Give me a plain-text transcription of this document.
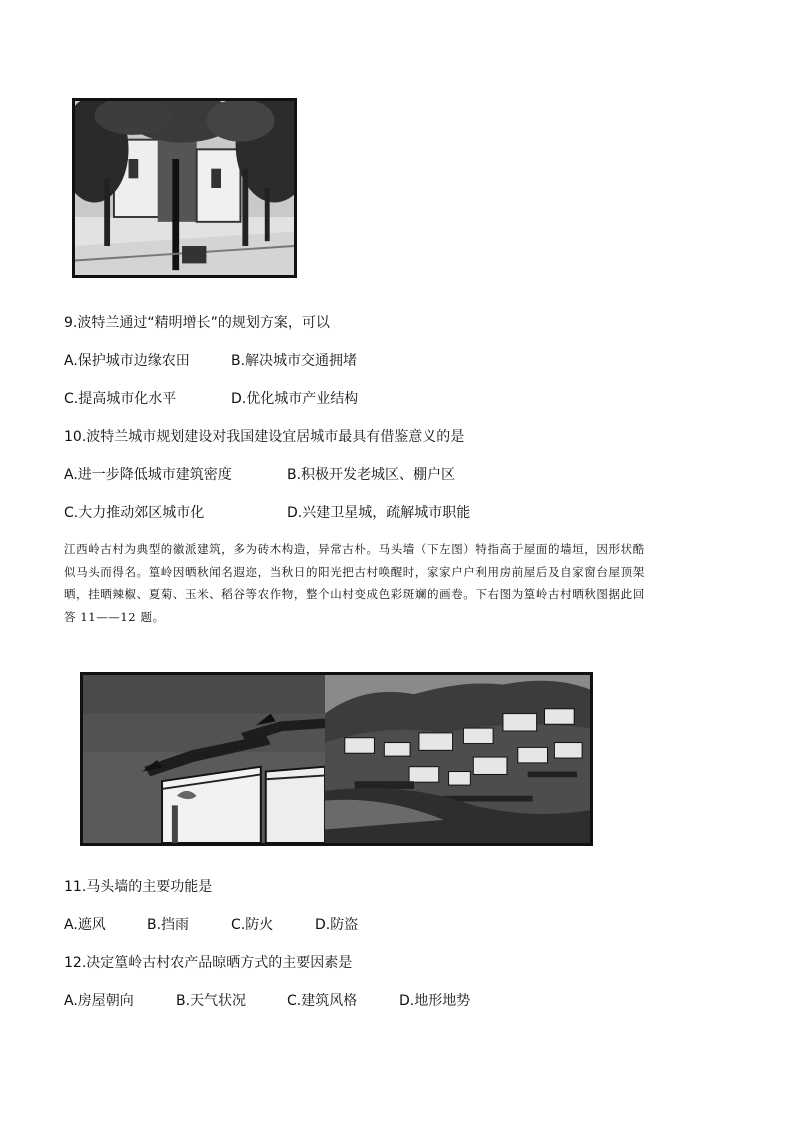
9.波特兰通过“精明增长”的规划方案，可以
A.保护城市边缘农田	B.解决城市交通拥堵
C.提高城市化水平	D.优化城市产业结构
10.波特兰城市规划建设对我国建设宜居城市最具有借鉴意义的是
A.进一步降低城市建筑密度	B.积极开发老城区、棚户区
C.大力推动郊区城市化	D.兴建卫星城，疏解城市职能
江西岭古村为典型的徽派建筑，多为砖木构造，异常古朴。马头墙（下左图）特指高于屋面的墙垣，因形状酷
似马头而得名。篁岭因晒秋闻名遐迩，当秋日的阳光把古村唤醒时，家家户户利用房前屋后及自家窗台屋顶架
晒，挂晒辣椒、夏菊、玉米、稻谷等农作物，整个山村变成色彩斑斓的画卷。下右图为篁岭古村晒秋图据此回
答 11——12 题。
11.马头墙的主要功能是
A.遮风	B.挡雨	C.防火	D.防盗
12.决定篁岭古村农产品晾晒方式的主要因素是
A.房屋朝向	B.天气状况	C.建筑风格	D.地形地势
